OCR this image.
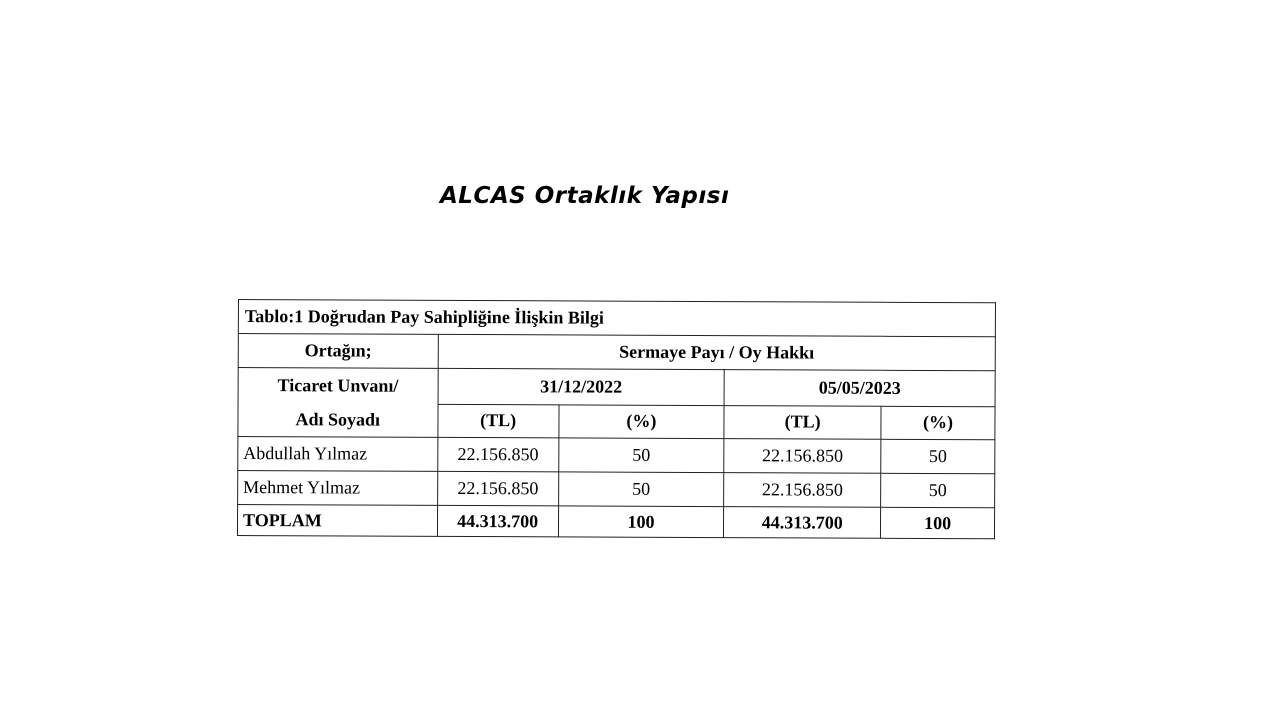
ALCAS Ortaklık Yapısı
Tablo:1 Doğrudan Pay Sahipliğine İlişkin Bilgi				
Ortağın;	Sermaye Payı / Oy Hakkı			

Ticaret Unvanı/
Adı Soyadı	31/12/2022		05/05/2023	
	(TL)	(%)	(TL)	(%)
Abdullah Yılmaz	22.156.850	50	22.156.850	50
Mehmet Yılmaz	22.156.850	50	22.156.850	50
TOPLAM	44.313.700	100	44.313.700	100
